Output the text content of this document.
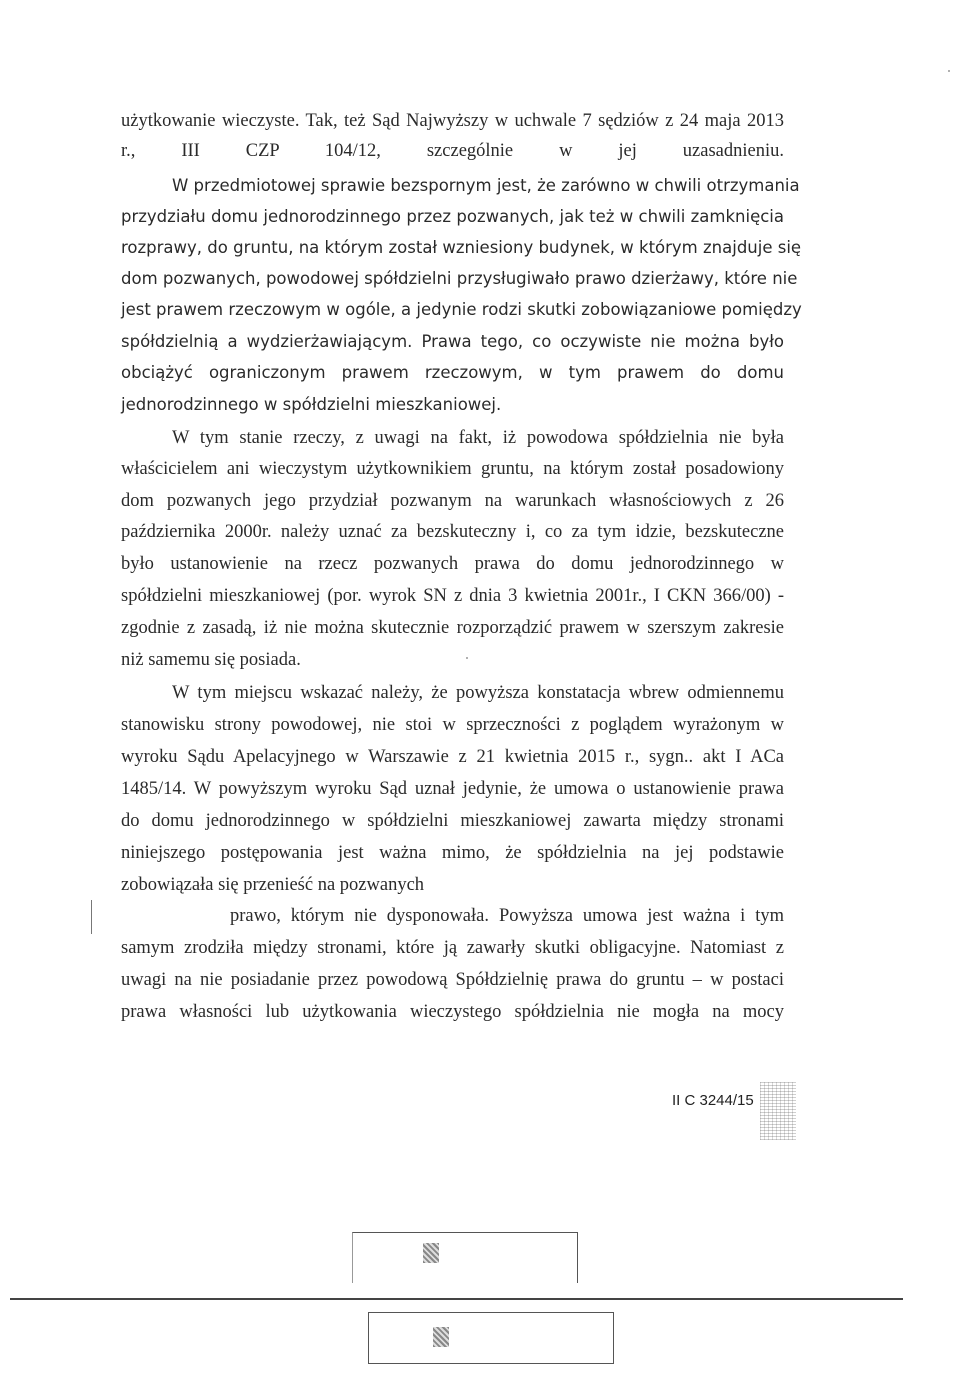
użytkowanie wieczyste. Tak, też Sąd Najwyższy w uchwale 7 sędziów z 24 maja 2013
r., III CZP 104/12, szczególnie w jej uzasadnieniu.
W przedmiotowej sprawie bezspornym jest, że zarówno w chwili otrzymania
przydziału domu jednorodzinnego przez pozwanych, jak też w chwili zamknięcia
rozprawy, do gruntu, na którym został wzniesiony budynek, w którym znajduje się
dom pozwanych, powodowej spółdzielni przysługiwało prawo dzierżawy, które nie
jest prawem rzeczowym w ogóle, a jedynie rodzi skutki zobowiązaniowe pomiędzy
spółdzielnią a wydzierżawiającym. Prawa tego, co oczywiste nie można było
obciążyć ograniczonym prawem rzeczowym, w tym prawem do domu
jednorodzinnego w spółdzielni mieszkaniowej.
W tym stanie rzeczy, z uwagi na fakt, iż powodowa spółdzielnia nie była
właścicielem ani wieczystym użytkownikiem gruntu, na którym został posadowiony
dom pozwanych jego przydział pozwanym na warunkach własnościowych z 26
października 2000r. należy uznać za bezskuteczny i, co za tym idzie, bezskuteczne
było ustanowienie na rzecz pozwanych prawa do domu jednorodzinnego w
spółdzielni mieszkaniowej (por. wyrok SN z dnia 3 kwietnia 2001r., I CKN 366/00) -
zgodnie z zasadą, iż nie można skutecznie rozporządzić prawem w szerszym zakresie
niż samemu się posiada.
W tym miejscu wskazać należy, że powyższa konstatacja wbrew odmiennemu
stanowisku strony powodowej, nie stoi w sprzeczności z poglądem wyrażonym w
wyroku Sądu Apelacyjnego w Warszawie z 21 kwietnia 2015 r., sygn.. akt I ACa
1485/14. W powyższym wyroku Sąd uznał jedynie, że umowa o ustanowienie prawa
do domu jednorodzinnego w spółdzielni mieszkaniowej zawarta między stronami
niniejszego postępowania jest ważna mimo, że spółdzielnia na jej podstawie
zobowiązała się przenieść na pozwanych
prawo, którym nie dysponowała. Powyższa umowa jest ważna i tym
samym zrodziła między stronami, które ją zawarły skutki obligacyjne. Natomiast z
uwagi na nie posiadanie przez powodową Spółdzielnię prawa do gruntu – w postaci
prawa własności lub użytkowania wieczystego spółdzielnia nie mogła na mocy
II C 3244/15
